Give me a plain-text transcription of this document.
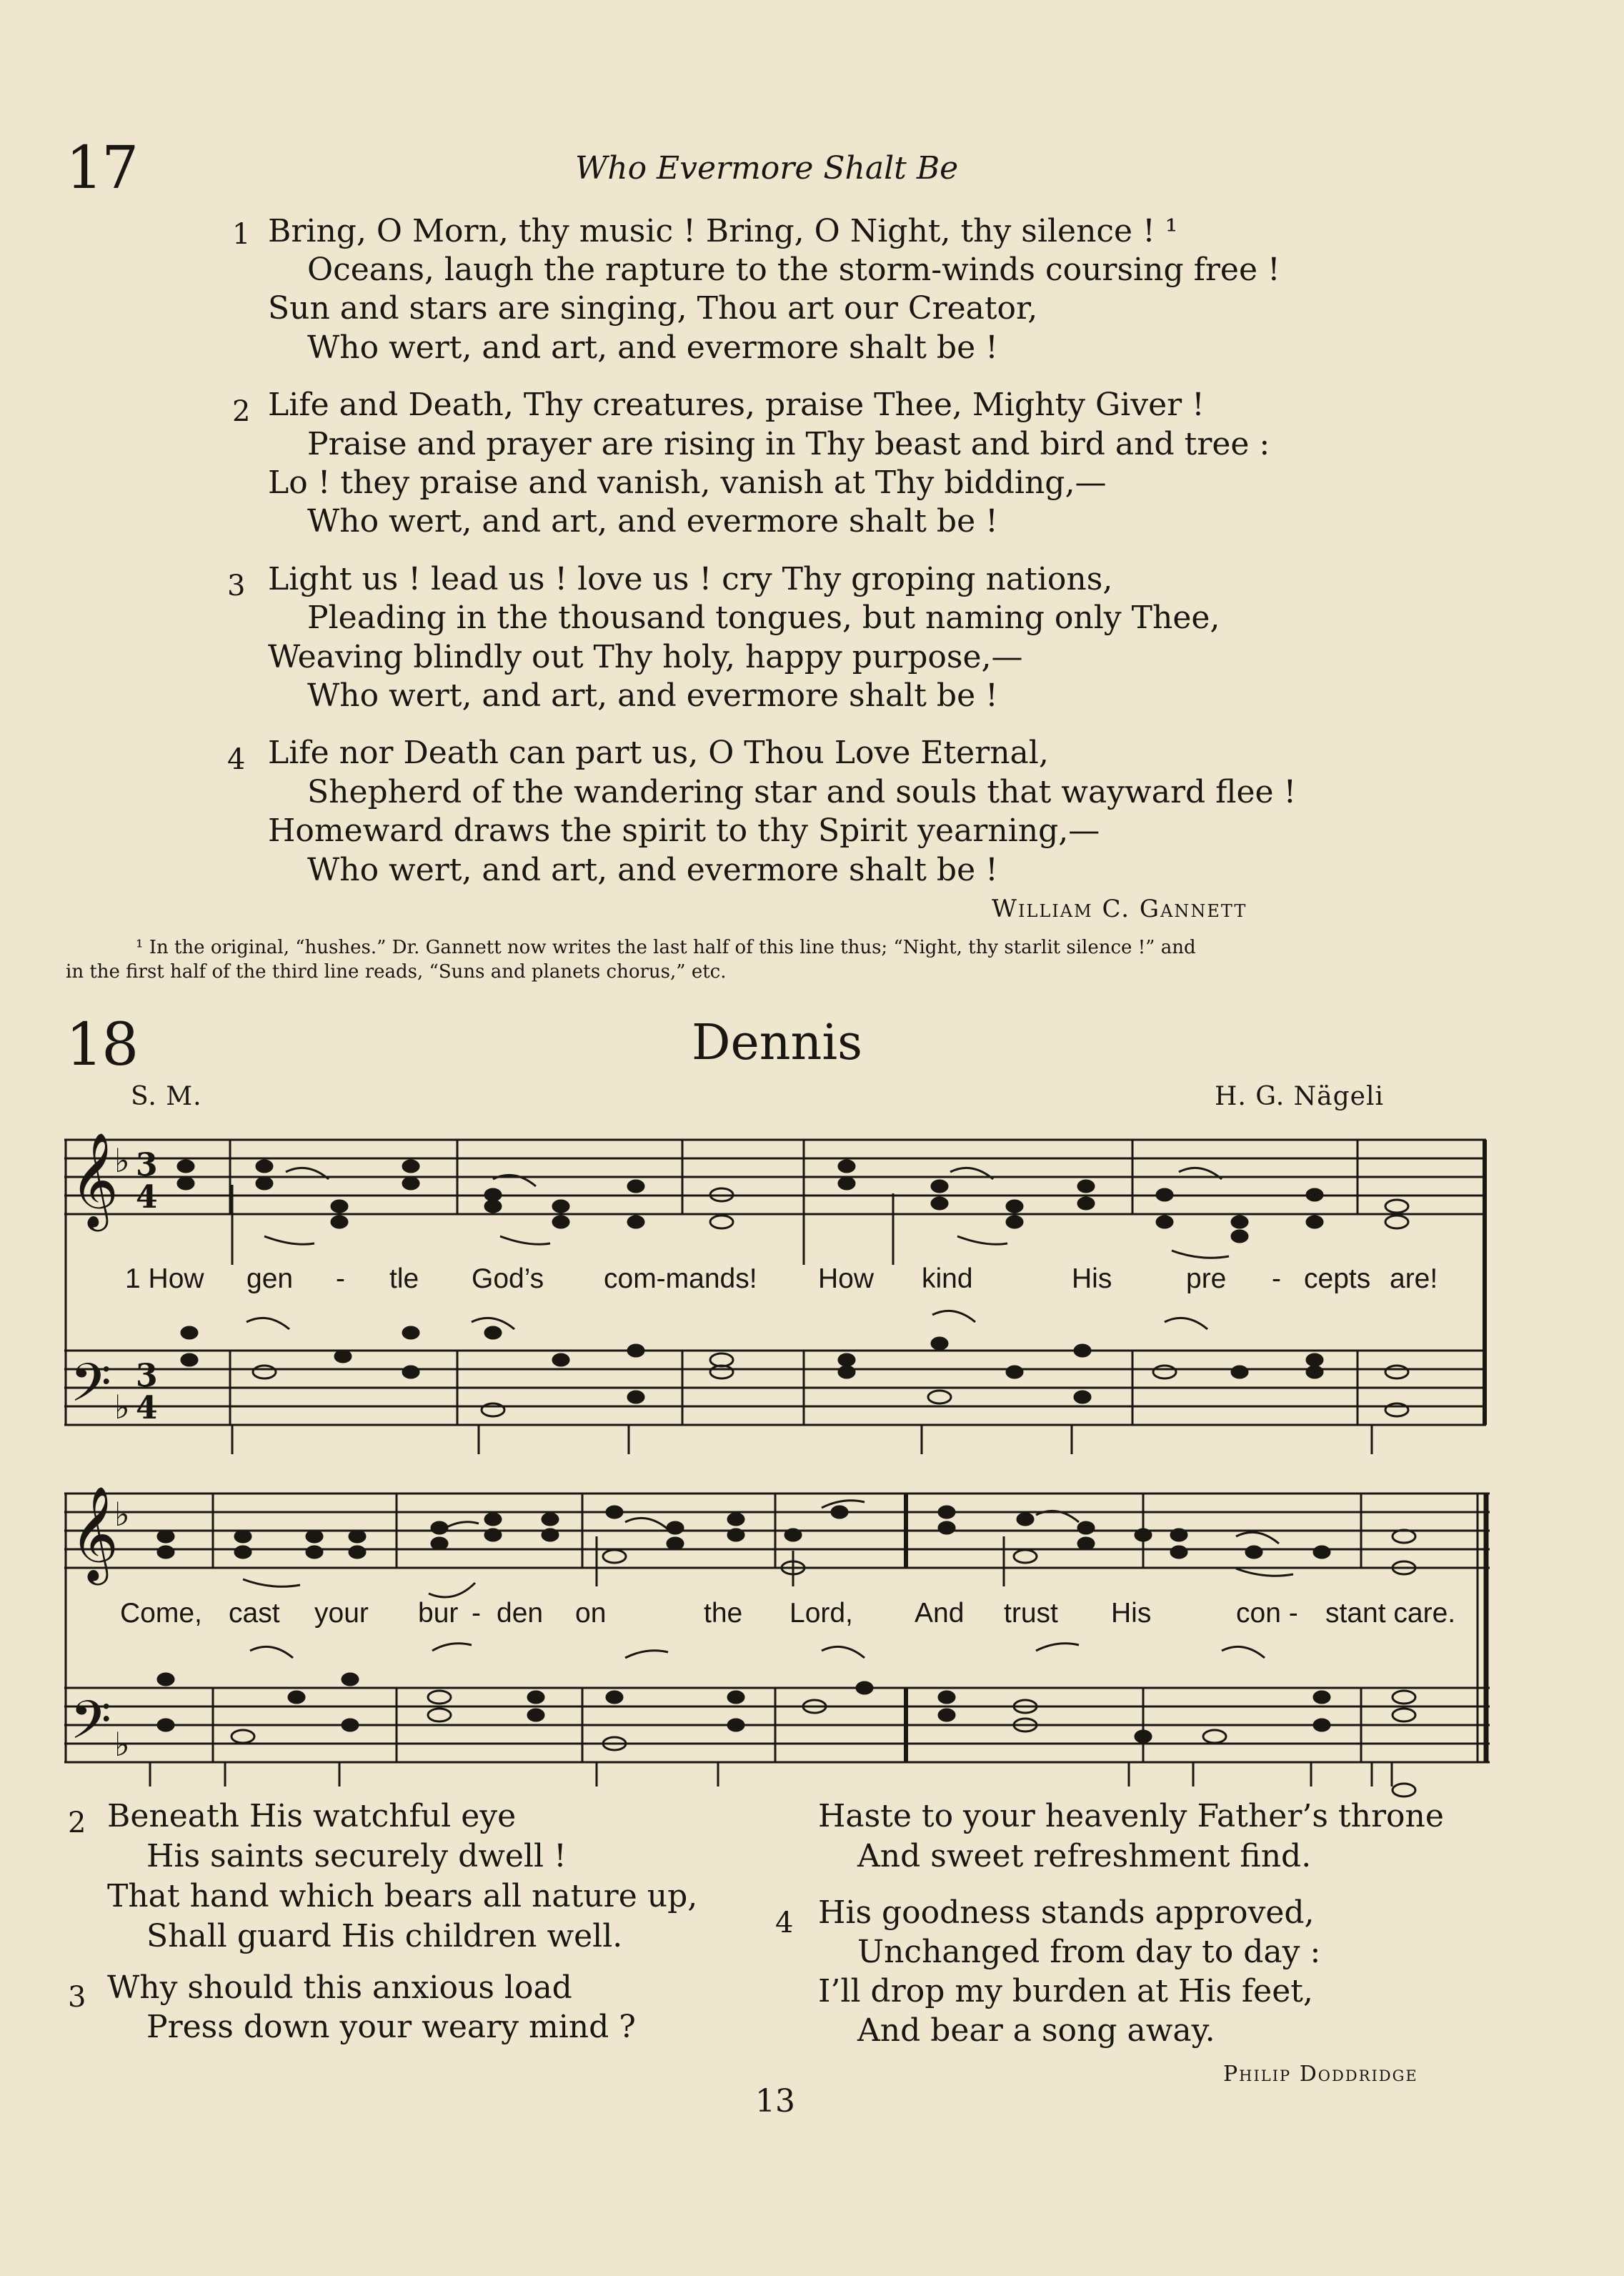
17	Who Evermore Shalt Be
1 Bring, O Morn, thy music ! Bring, O Night, thy silence ! ¹
Oceans, laugh the rapture to the storm-winds coursing free !
Sun and stars are singing, Thou art our Creator,
Who wert, and art, and evermore shalt be !
2 Life and Death, Thy creatures, praise Thee, Mighty Giver !
Praise and prayer are rising in Thy beast and bird and tree :
Lo ! they praise and vanish, vanish at Thy bidding,—
Who wert, and art, and evermore shalt be !
3 Light us ! lead us ! love us ! cry Thy groping nations,
Pleading in the thousand tongues, but naming only Thee,
Weaving blindly out Thy holy, happy purpose,—
Who wert, and art, and evermore shalt be !
4 Life nor Death can part us, O Thou Love Eternal,
Shepherd of the wandering star and souls that wayward flee !
Homeward draws the spirit to thy Spirit yearning,—
Who wert, and art, and evermore shalt be !
William C. Gannett
¹ In the original, “hushes.” Dr. Gannett now writes the last half of this line thus; “Night, thy starlit silence !” and
in the first half of the third line reads, “Suns and planets chorus,” etc.
18	Dennis
S. M.	H. G. Nägeli
𝄞
𝄢
3
4
3
4
♭
♭
1 How gen - tle God’s com-mands! How kind	His	pre - cepts are!
𝄞
𝄢
♭
♭
Come, cast your bur - den on	the Lord, And trust His	con - stant care.
2 Beneath His watchful eye
His saints securely dwell !
That hand which bears all nature up,
Shall guard His children well.
3 Why should this anxious load
Press down your weary mind ?
Haste to your heavenly Father’s throne
And sweet refreshment find.
4 His goodness stands approved,
Unchanged from day to day :
I’ll drop my burden at His feet,
And bear a song away.
Philip Doddridge
13
